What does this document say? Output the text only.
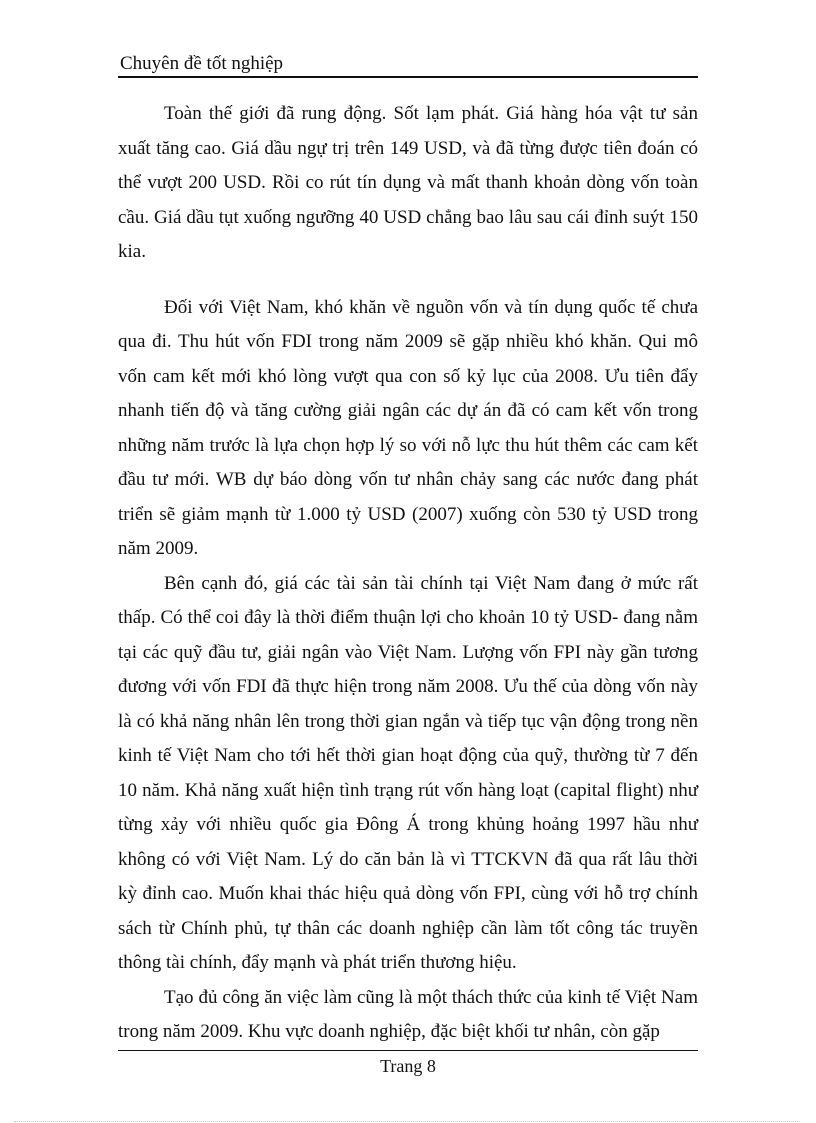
Chuyên đề tốt nghiệp

Toàn thế giới đã rung động. Sốt lạm phát. Giá hàng hóa vật tư sản xuất tăng cao. Giá dầu ngự trị trên 149 USD, và đã từng được tiên đoán có thể vượt 200 USD. Rồi co rút tín dụng và mất thanh khoản dòng vốn toàn cầu. Giá dầu tụt xuống ngưỡng 40 USD chẳng bao lâu sau cái đỉnh suýt 150 kia.

Đối với Việt Nam, khó khăn về nguồn vốn và tín dụng quốc tế chưa qua đi. Thu hút vốn FDI trong năm 2009 sẽ gặp nhiều khó khăn. Qui mô vốn cam kết mới khó lòng vượt qua con số kỷ lục của 2008. Ưu tiên đẩy nhanh tiến độ và tăng cường giải ngân các dự án đã có cam kết vốn trong những năm trước là lựa chọn hợp lý so với nỗ lực thu hút thêm các cam kết đầu tư mới. WB dự báo dòng vốn tư nhân chảy sang các nước đang phát triển sẽ giảm mạnh từ 1.000 tỷ USD (2007) xuống còn 530 tỷ USD trong năm 2009.

Bên cạnh đó, giá các tài sản tài chính tại Việt Nam đang ở mức rất thấp. Có thể coi đây là thời điểm thuận lợi cho khoản 10 tỷ USD- đang nằm tại các quỹ đầu tư, giải ngân vào Việt Nam. Lượng vốn FPI này gần tương đương với vốn FDI đã thực hiện trong năm 2008. Ưu thế của dòng vốn này là có khả năng nhân lên trong thời gian ngắn và tiếp tục vận động trong nền kinh tế Việt Nam cho tới hết thời gian hoạt động của quỹ, thường từ 7 đến 10 năm. Khả năng xuất hiện tình trạng rút vốn hàng loạt (capital flight) như từng xảy với nhiều quốc gia Đông Á trong khủng hoảng 1997 hầu như không có với Việt Nam. Lý do căn bản là vì TTCKVN đã qua rất lâu thời kỳ đỉnh cao. Muốn khai thác hiệu quả dòng vốn FPI, cùng với hỗ trợ chính sách từ Chính phủ, tự thân các doanh nghiệp cần làm tốt công tác truyền thông tài chính, đẩy mạnh và phát triển thương hiệu.

Tạo đủ công ăn việc làm cũng là một thách thức của kinh tế Việt Nam trong năm 2009. Khu vực doanh nghiệp, đặc biệt khối tư nhân, còn gặp

Trang 8
